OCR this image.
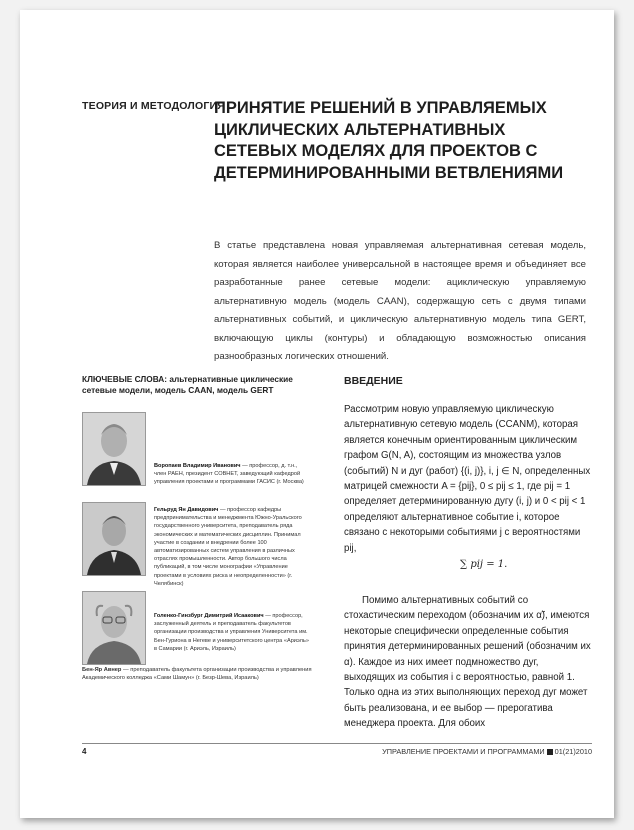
ТЕОРИЯ И МЕТОДОЛОГИЯ
ПРИНЯТИЕ РЕШЕНИЙ В УПРАВЛЯЕМЫХ ЦИКЛИЧЕСКИХ АЛЬТЕРНАТИВНЫХ СЕТЕВЫХ МОДЕЛЯХ ДЛЯ ПРОЕКТОВ С ДЕТЕРМИНИРОВАННЫМИ ВЕТВЛЕНИЯМИ

В статье представлена новая управляемая альтернативная сетевая модель, которая является наиболее универсальной в настоящее время и объединяет все разработанные ранее сетевые модели: ациклическую управляемую альтернативную модель (модель CAAN), содержащую сеть с двумя типами альтернативных событий, и циклическую альтернативную модель типа GERT, включающую циклы (контуры) и обладающую возможностью описания разнообразных логических отношений.

КЛЮЧЕВЫЕ СЛОВА: альтернативные циклические сетевые модели, модель CAAN, модель GERT

Воропаев Владимир Иванович — профессор, д. т.н., член РАЕН, президент СОВНЕТ, заведующий кафедрой управления проектами и программами ГАСИС (г. Москва)

Гельруд Ян Давидович — профессор кафедры предпринимательства и менеджмента Южно-Уральского государственного университета, преподаватель ряда экономических и математических дисциплин. Принимал участие в создании и внедрении более 100 автоматизированных систем управления в различных отраслях промышленности. Автор большого числа публикаций, в том числе монографии «Управление проектами в условиях риска и неопределенности» (г. Челябинск)

Голенко-Гинзбург Димитрий Исаакович — профессор, заслуженный деятель и преподаватель факультетов организации производства и управления Университета им. Бен-Гуриона в Негеве и университетского центра «Ариэль» в Самарии (г. Ариэль, Израиль)

Бен-Яр Авнер — преподаватель факультета организации производства и управления Академического колледжа «Сами Шамун» (г. Безр-Шева, Израиль)

ВВЕДЕНИЕ

Рассмотрим новую управляемую циклическую альтернативную сетевую модель (CCANM), которая является конечным ориентированным циклическим графом G(N, A), состоящим из множества узлов (событий) N и дуг (работ) {(i, j)}, i, j ∈ N, определенных матрицей смежности A = {pij}, 0 ≤ pij ≤ 1, где pij = 1 определяет детерминированную дугу (i, j) и 0 < pij < 1 определяют альтернативное событие i, которое связано с некоторыми событиями j с вероятностями pij,

∑ pij = 1.

Помимо альтернативных событий со стохастическим переходом (обозначим их α̃), имеются некоторые специфически определенные события принятия детерминированных решений (обозначим их α). Каждое из них имеет подмножество дуг, выходящих из события i с вероятностью, равной 1. Только одна из этих выполняющих переход дуг может быть реализована, и ее выбор — прерогатива менеджера проекта. Для обоих

4	УПРАВЛЕНИЕ ПРОЕКТАМИ И ПРОГРАММАМИ 01(21)2010
